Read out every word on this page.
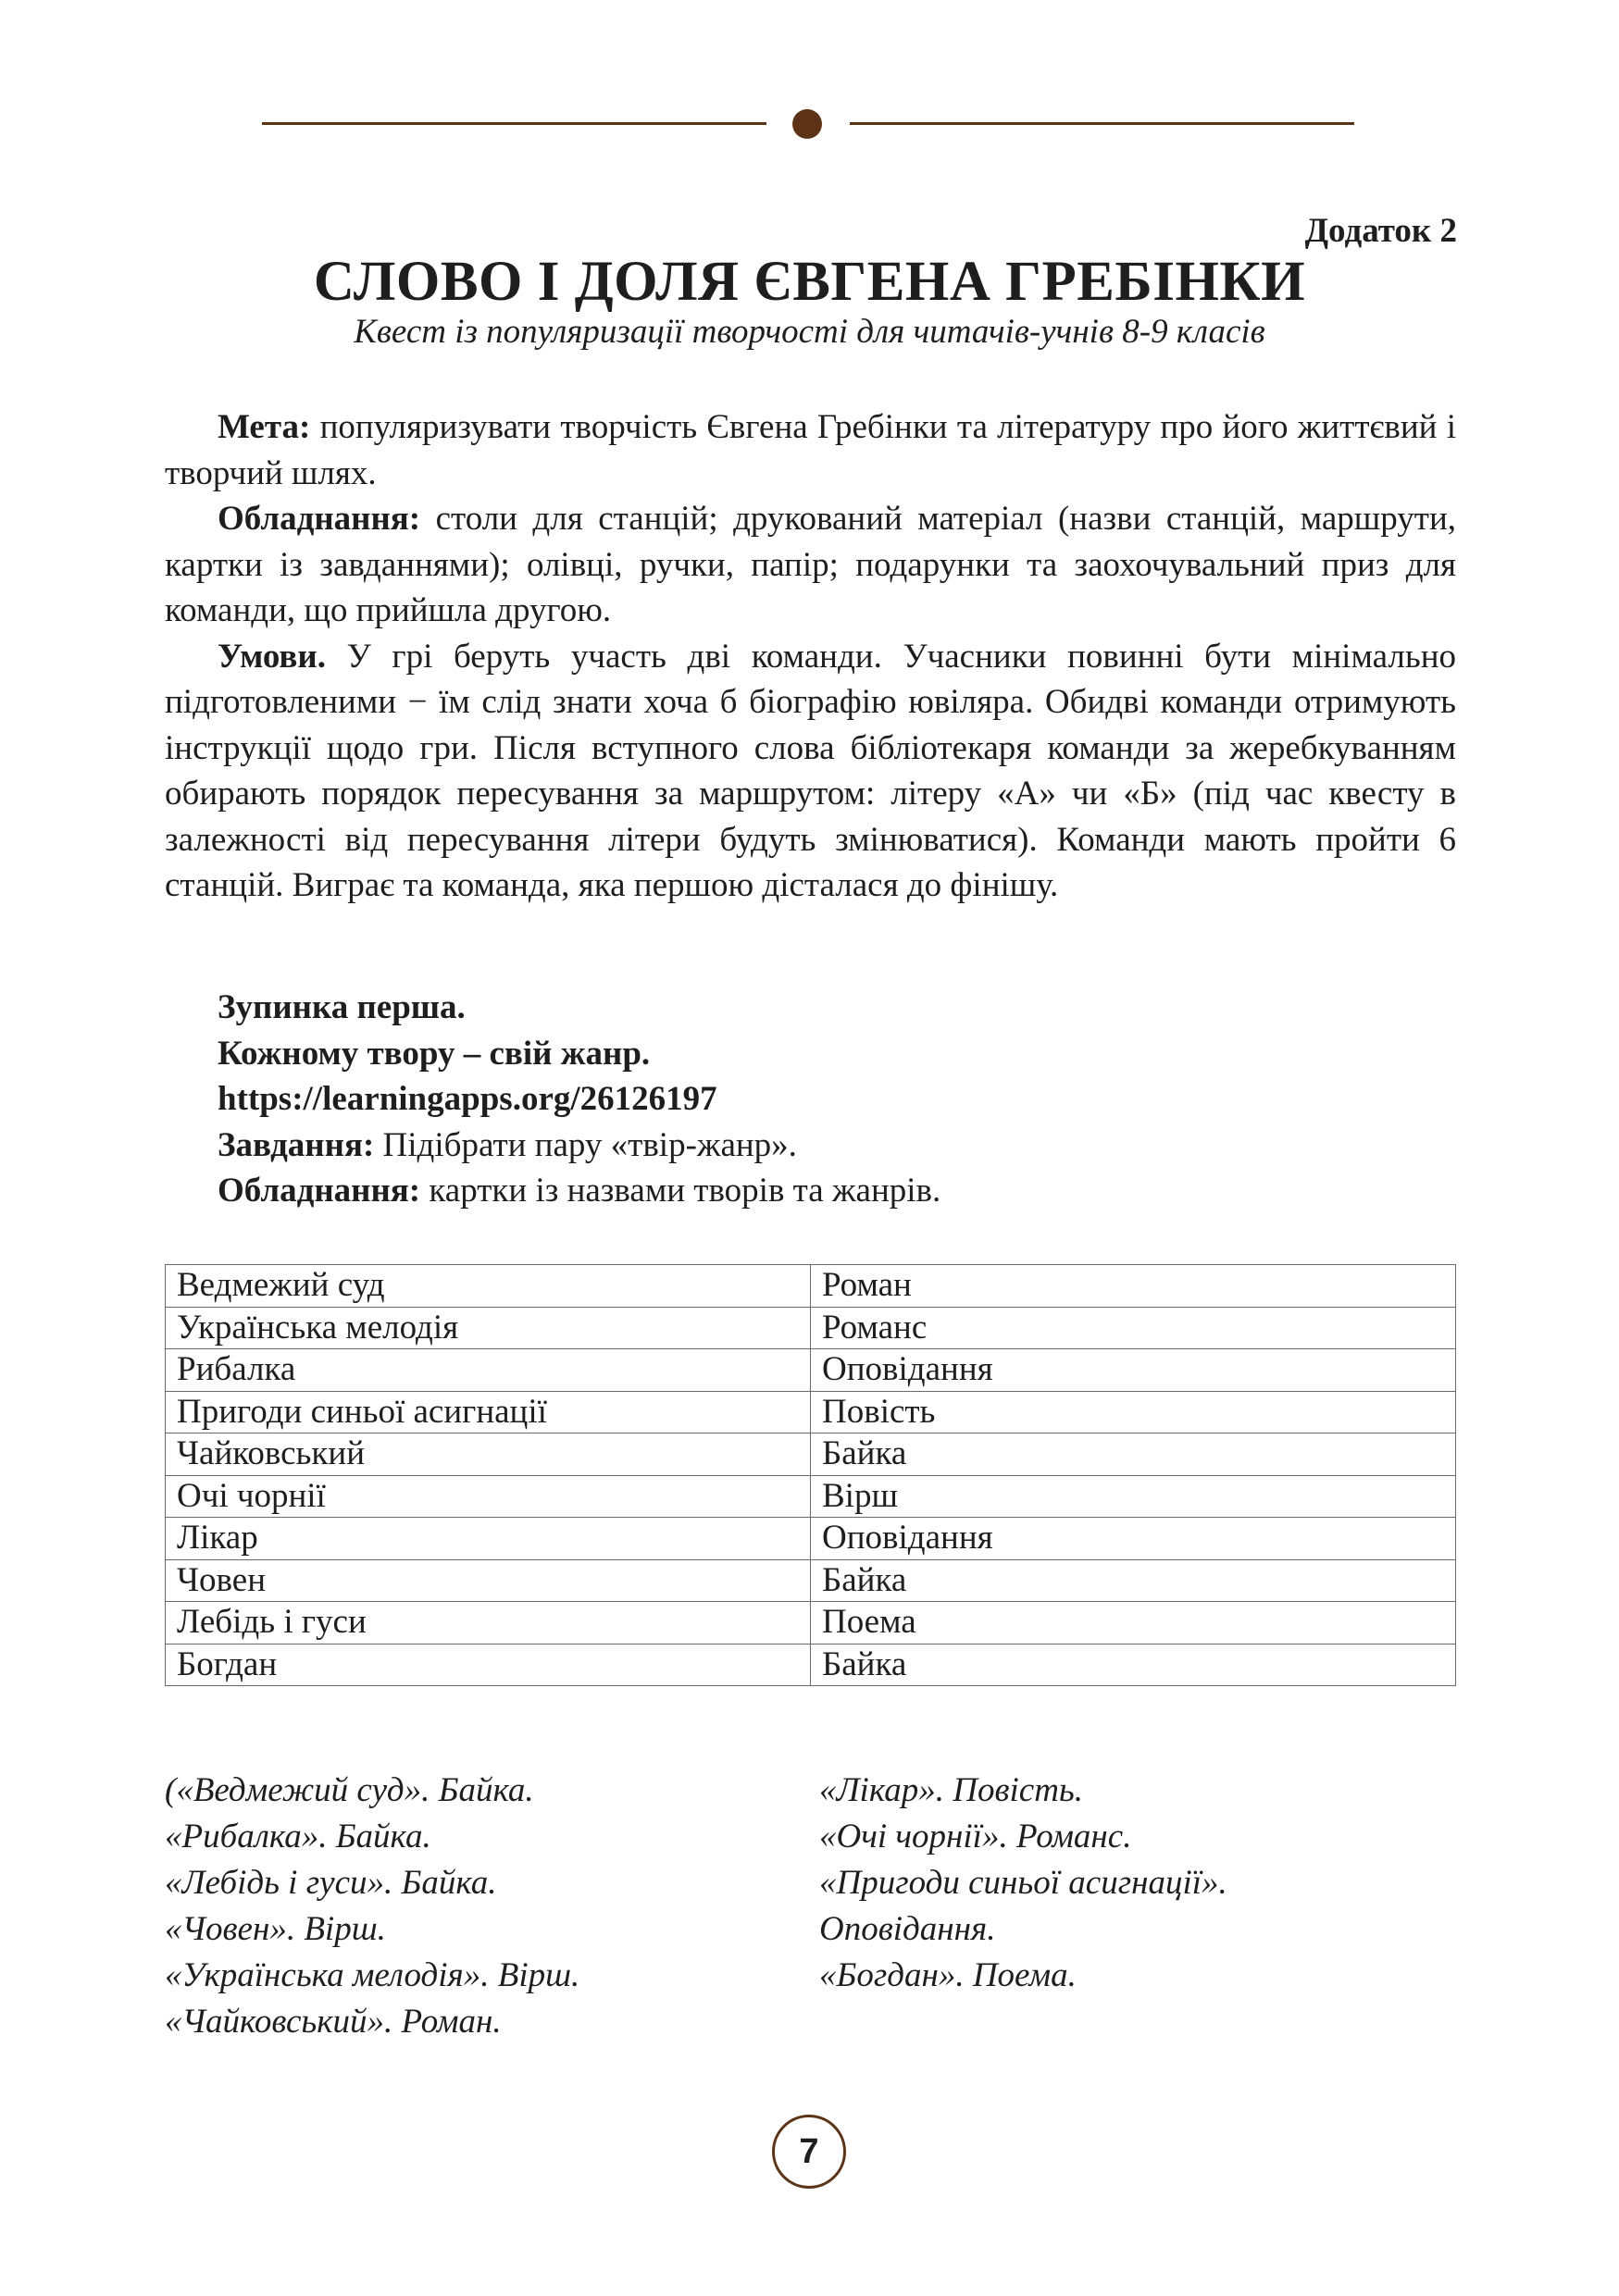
Додаток 2
СЛОВО І ДОЛЯ ЄВГЕНА ГРЕБІНКИ
Квест із популяризації творчості для читачів-учнів 8-9 класів

Мета: популяризувати творчість Євгена Гребінки та літературу про його життєвий і творчий шлях.

Обладнання: столи для станцій; друкований матеріал (назви станцій, маршрути, картки із завданнями); олівці, ручки, папір; подарунки та заохочувальний приз для команди, що прийшла другою.

Умови. У грі беруть участь дві команди. Учасники повинні бути мінімально підготовленими − їм слід знати хоча б біографію ювіляра. Обидві команди отримують інструкції щодо гри. Після вступного слова бібліотекаря команди за жеребкуванням обирають порядок пересування за маршрутом: літеру «А» чи «Б» (під час квесту в залежності від пересування літери будуть змінюватися). Команди мають пройти 6 станцій. Виграє та команда, яка першою дісталася до фінішу.

Зупинка перша.
Кожному твору – свій жанр.
https://learningapps.org/26126197
Завдання: Підібрати пару «твір-жанр».
Обладнання: картки із назвами творів та жанрів.
Ведмежий суд	Роман
Українська мелодія	Романс
Рибалка	Оповідання
Пригоди синьої асигнації	Повість
Чайковський	Байка
Очі чорнії	Вірш
Лікар	Оповідання
Човен	Байка
Лебідь і гуси	Поема
Богдан	Байка
(«Ведмежий суд». Байка.
«Рибалка». Байка.
«Лебідь і гуси». Байка.
«Човен». Вірш.
«Українська мелодія». Вірш.
«Чайковський». Роман.
«Лікар». Повість.
«Очі чорнії». Романс.
«Пригоди синьої асигнації».
Оповідання.
«Богдан». Поема.
7
